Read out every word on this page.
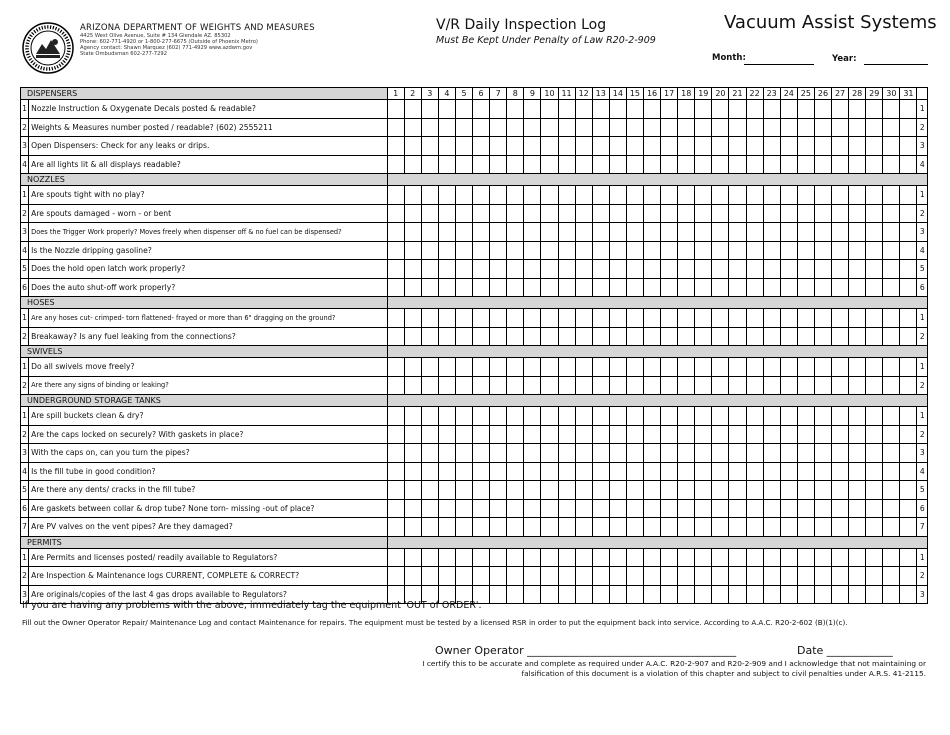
ARIZONA DEPARTMENT OF WEIGHTS AND MEASURES
4425 West Olive Avenue, Suite # 134 Glendale AZ. 85302
Phone: 602-771-4920 or 1-800-277-6675 (Outside of Phoenix Metro)
Agency contact: Shawn Marquez (602) 771-4929 www.azdwm.gov
State Ombudsman 602-277-7292
V/R Daily Inspection Log
Must Be Kept Under Penalty of Law R20-2-909
Vacuum Assist Systems
Month:	Year:
DISPENSERS		1	2	3	4	5	6	7	8	9	10	11	12	13	14	15	16	17	18	19	20	21	22	23	24	25	26	27	28	29	30	31	
1	Nozzle Instruction & Oxygenate Decals posted & readable?																																1
2	Weights & Measures number posted / readable? (602) 2555211																																2
3	Open Dispensers: Check for any leaks or drips.																																3
4	Are all lights lit & all displays readable?																																4
NOZZLES																																	
1	Are spouts tight with no play?																																1
2	Are spouts damaged - worn - or bent																																2
3	Does the Trigger Work properly? Moves freely when dispenser off & no fuel can be dispensed?																																3
4	Is the Nozzle dripping gasoline?																																4
5	Does the hold open latch work properly?																																5
6	Does the auto shut-off work properly?																																6
HOSES																																	
1	Are any hoses cut- crimped- torn flattened- frayed or more than 6" dragging on the ground?																																1
2	Breakaway? Is any fuel leaking from the connections?																																2
SWIVELS																																	
1	Do all swivels move freely?																																1
2	Are there any signs of binding or leaking?																																2
UNDERGROUND STORAGE TANKS																																	
1	Are spill buckets clean & dry?																																1
2	Are the caps locked on securely? With gaskets in place?																																2
3	With the caps on, can you turn the pipes?																																3
4	Is the fill tube in good condition?																																4
5	Are there any dents/ cracks in the fill tube?																																5
6	Are gaskets between collar & drop tube? None torn- missing -out of place?																																6
7	Are PV valves on the vent pipes? Are they damaged?																																7
PERMITS																																	
1	Are Permits and licenses posted/ readily available to Regulators?																																1
2	Are Inspection & Maintenance logs CURRENT, COMPLETE & CORRECT?																																2
3	Are originals/copies of the last 4 gas drops available to Regulators?																																3
If you are having any problems with the above, immediately tag the equipment 'OUT of ORDER'.
Fill out the Owner Operator Repair/ Maintenance Log and contact Maintenance for repairs. The equipment must be tested by a licensed RSR in order to put the equipment back into service. According to A.A.C. R20-2-602 (B)(1)(c).
Owner Operator ______________________________________	Date ____________
I certify this to be accurate and complete as required under A.A.C. R20-2-907 and R20-2-909 and I acknowledge that not maintaining or
falsification of this document is a violation of this chapter and subject to civil penalties under A.R.S. 41-2115.
